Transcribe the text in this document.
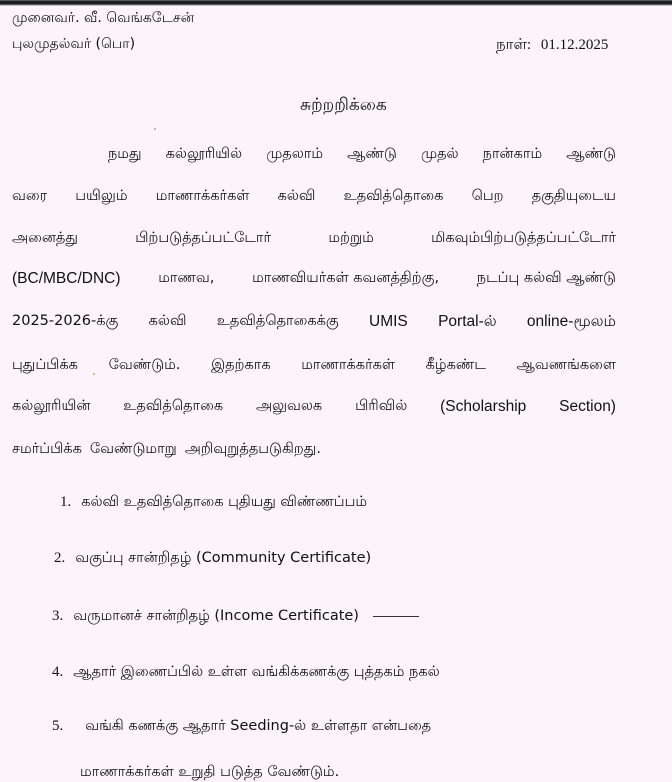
முனைவர். வீ. வெங்கடேசன்
புலமுதல்வர் (பொ)	நாள்: 01.12.2025
சுற்றறிக்கை
நமது கல்லூரியில் முதலாம் ஆண்டு முதல் நான்காம் ஆண்டு
வரை பயிலும் மாணாக்கர்கள் கல்வி உதவித்தொகை பெற தகுதியுடைய
அனைத்து	பிற்படுத்தப்பட்டோர்	மற்றும்	மிகவும்பிற்படுத்தப்பட்டோர்
(BC/MBC/DNC)	மாணவ,	மாணவியர்கள் கவனத்திற்கு,	நடப்பு கல்வி ஆண்டு
2025-2026-க்கு கல்வி உதவித்தொகைக்கு UMIS Portal-ல் online-மூலம்
புதுப்பிக்க வேண்டும். இதற்காக மாணாக்கர்கள் கீழ்கண்ட ஆவணங்களை
கல்லூரியின் உதவித்தொகை அலுவலக பிரிவில் (Scholarship Section)
சமர்ப்பிக்க வேண்டுமாறு அறிவுறுத்தபடுகிறது.
1. கல்வி உதவித்தொகை புதியது விண்ணப்பம்
2. வகுப்பு சான்றிதழ் (Community Certificate)
3. வருமானச் சான்றிதழ் (Income Certificate)
4. ஆதார் இணைப்பில் உள்ள வங்கிக்கணக்கு புத்தகம் நகல்
5. வங்கி கணக்கு ஆதார் Seeding-ல் உள்ளதா என்பதை
மாணாக்கர்கள் உறுதி படுத்த வேண்டும்.
